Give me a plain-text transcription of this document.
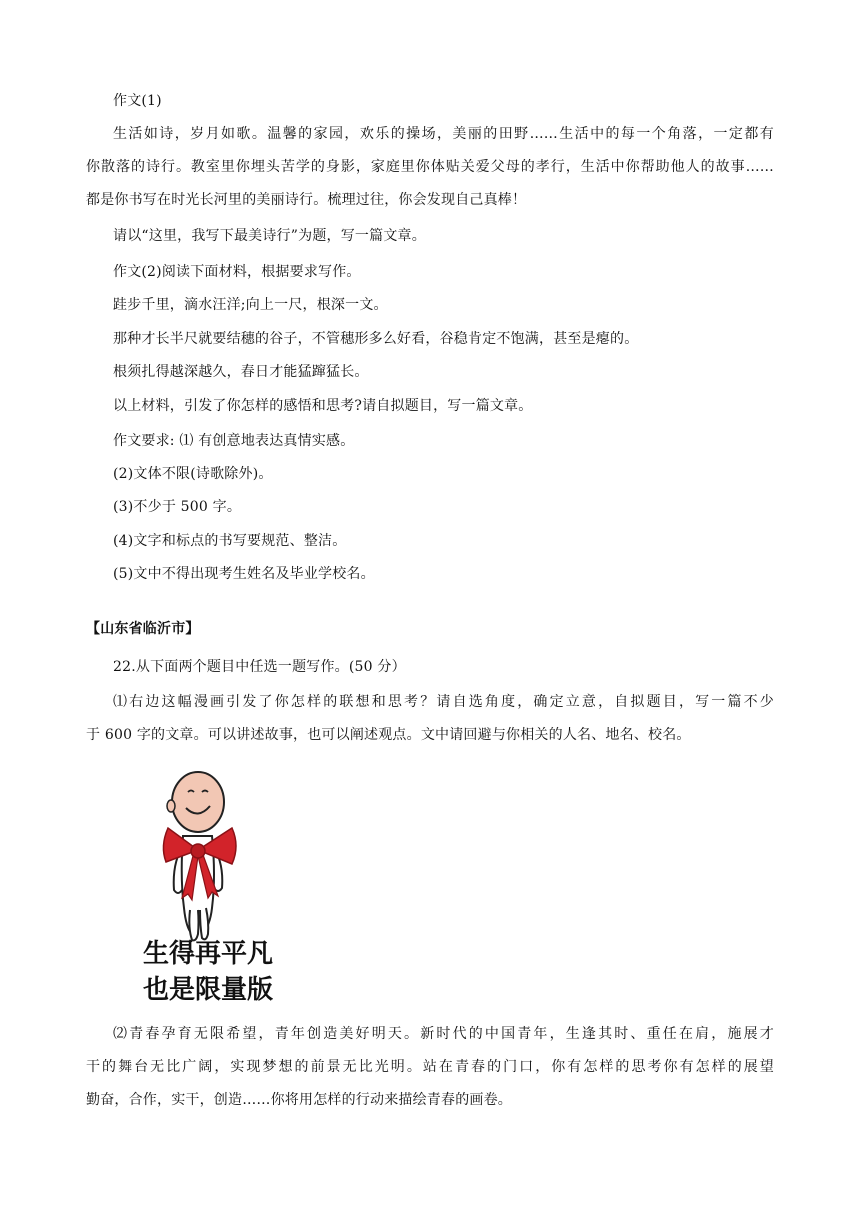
作文(1)
生活如诗，岁月如歌。温馨的家园，欢乐的操场，美丽的田野……生活中的每一个角落，一定都有
你散落的诗行。教室里你埋头苦学的身影，家庭里你体贴关爱父母的孝行，生活中你帮助他人的故事……
都是你书写在时光长河里的美丽诗行。梳理过往，你会发现自己真棒！
请以“这里，我写下最美诗行”为题，写一篇文章。
作文(2)阅读下面材料，根据要求写作。
跬步千里，滴水汪洋;向上一尺，根深一文。
那种才长半尺就要结穗的谷子，不管穗形多么好看，谷稳肯定不饱满，甚至是瘪的。
根须扎得越深越久，春日才能猛蹿猛长。
以上材料，引发了你怎样的感悟和思考?请自拟题目，写一篇文章。
作文要求: ⑴ 有创意地表达真情实感。
(2)文体不限(诗歌除外)。
(3)不少于 500 字。
(4)文字和标点的书写要规范、整洁。
(5)文中不得出现考生姓名及毕业学校名。
【山东省临沂市】
22.从下面两个题目中任选一题写作。(50 分）
⑴右边这幅漫画引发了你怎样的联想和思考？请自选角度，确定立意，自拟题目，写一篇不少
于 600 字的文章。可以讲述故事，也可以阐述观点。文中请回避与你相关的人名、地名、校名。
生得再平凡
也是限量版
⑵青春孕育无限希望，青年创造美好明天。新时代的中国青年，生逢其时、重任在肩，施展才
干的舞台无比广阔，实现梦想的前景无比光明。站在青春的门口，你有怎样的思考你有怎样的展望
勤奋，合作，实干，创造……你将用怎样的行动来描绘青春的画卷。
